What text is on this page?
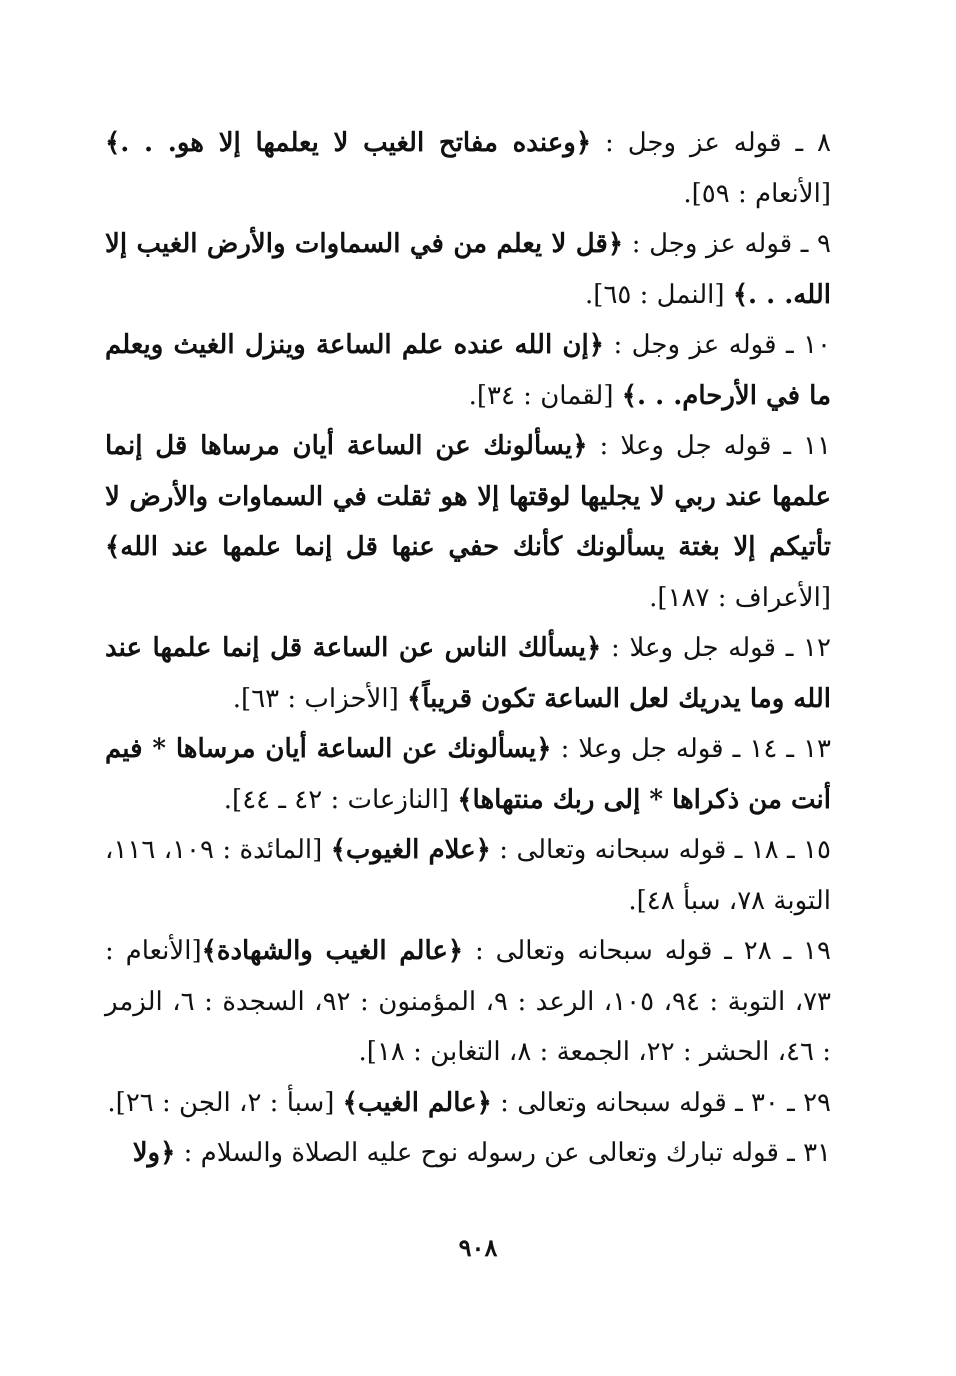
٨ ـ قوله عز وجل : ﴿وعنده مفاتح الغيب لا يعلمها إلا هو. . .﴾ [الأنعام : ٥٩].

٩ ـ قوله عز وجل : ﴿قل لا يعلم من في السماوات والأرض الغيب إلا الله. . .﴾ [النمل : ٦٥].

١٠ ـ قوله عز وجل : ﴿إن الله عنده علم الساعة وينزل الغيث ويعلم ما في الأرحام. . .﴾ [لقمان : ٣٤].

١١ ـ قوله جل وعلا : ﴿يسألونك عن الساعة أيان مرساها قل إنما علمها عند ربي لا يجليها لوقتها إلا هو ثقلت في السماوات والأرض لا تأتيكم إلا بغتة يسألونك كأنك حفي عنها قل إنما علمها عند الله﴾ [الأعراف : ١٨٧].

١٢ ـ قوله جل وعلا : ﴿يسألك الناس عن الساعة قل إنما علمها عند الله وما يدريك لعل الساعة تكون قريباً﴾ [الأحزاب : ٦٣].

١٣ ـ ١٤ ـ قوله جل وعلا : ﴿يسألونك عن الساعة أيان مرساها * فيم أنت من ذكراها * إلى ربك منتهاها﴾ [النازعات : ٤٢ ـ ٤٤].

١٥ ـ ١٨ ـ قوله سبحانه وتعالى : ﴿علام الغيوب﴾ [المائدة : ١٠٩، ١١٦، التوبة ٧٨، سبأ ٤٨].

١٩ ـ ٢٨ ـ قوله سبحانه وتعالى : ﴿عالم الغيب والشهادة﴾[الأنعام : ٧٣، التوبة : ٩٤، ١٠٥، الرعد : ٩، المؤمنون : ٩٢، السجدة : ٦، الزمر : ٤٦، الحشر : ٢٢، الجمعة : ٨، التغابن : ١٨].

٢٩ ـ ٣٠ ـ قوله سبحانه وتعالى : ﴿عالم الغيب﴾ [سبأ : ٢، الجن : ٢٦].

٣١ ـ قوله تبارك وتعالى عن رسوله نوح عليه الصلاة والسلام : ﴿ولا

٩٠٨
